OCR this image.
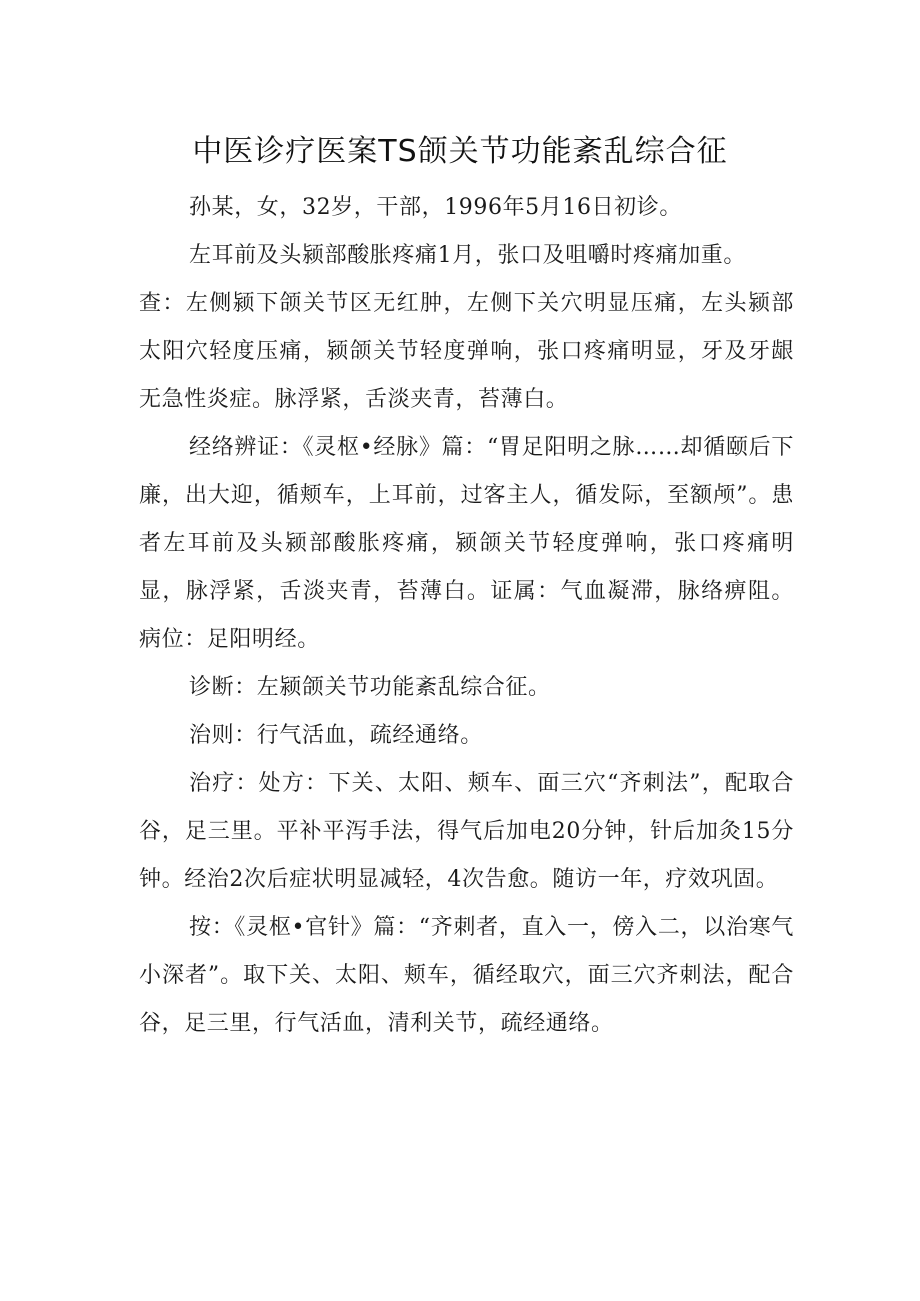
中医诊疗医案TS颌关节功能紊乱综合征

孙某，女，32岁，干部，1996年5月16日初诊。

左耳前及头颍部酸胀疼痛1月，张口及咀嚼时疼痛加重。

查：左侧颍下颌关节区无红肿，左侧下关穴明显压痛，左头颍部太阳穴轻度压痛，颍颌关节轻度弹响，张口疼痛明显，牙及牙龈无急性炎症。脉浮紧，舌淡夹青，苔薄白。

经络辨证：《灵枢•经脉》篇：“胃足阳明之脉……却循颐后下廉，出大迎，循颊车，上耳前，过客主人，循发际，至额颅”。患者左耳前及头颍部酸胀疼痛，颍颌关节轻度弹响，张口疼痛明显，脉浮紧，舌淡夹青，苔薄白。证属：气血凝滞，脉络痹阻。病位：足阳明经。

诊断：左颍颌关节功能紊乱综合征。

治则：行气活血，疏经通络。

治疗：处方：下关、太阳、颊车、面三穴“齐刺法”，配取合谷，足三里。平补平泻手法，得气后加电20分钟，针后加灸15分钟。经治2次后症状明显减轻，4次告愈。随访一年，疗效巩固。

按：《灵枢•官针》篇：“齐刺者，直入一，傍入二，以治寒气小深者”。取下关、太阳、颊车，循经取穴，面三穴齐刺法，配合谷，足三里，行气活血，清利关节，疏经通络。
